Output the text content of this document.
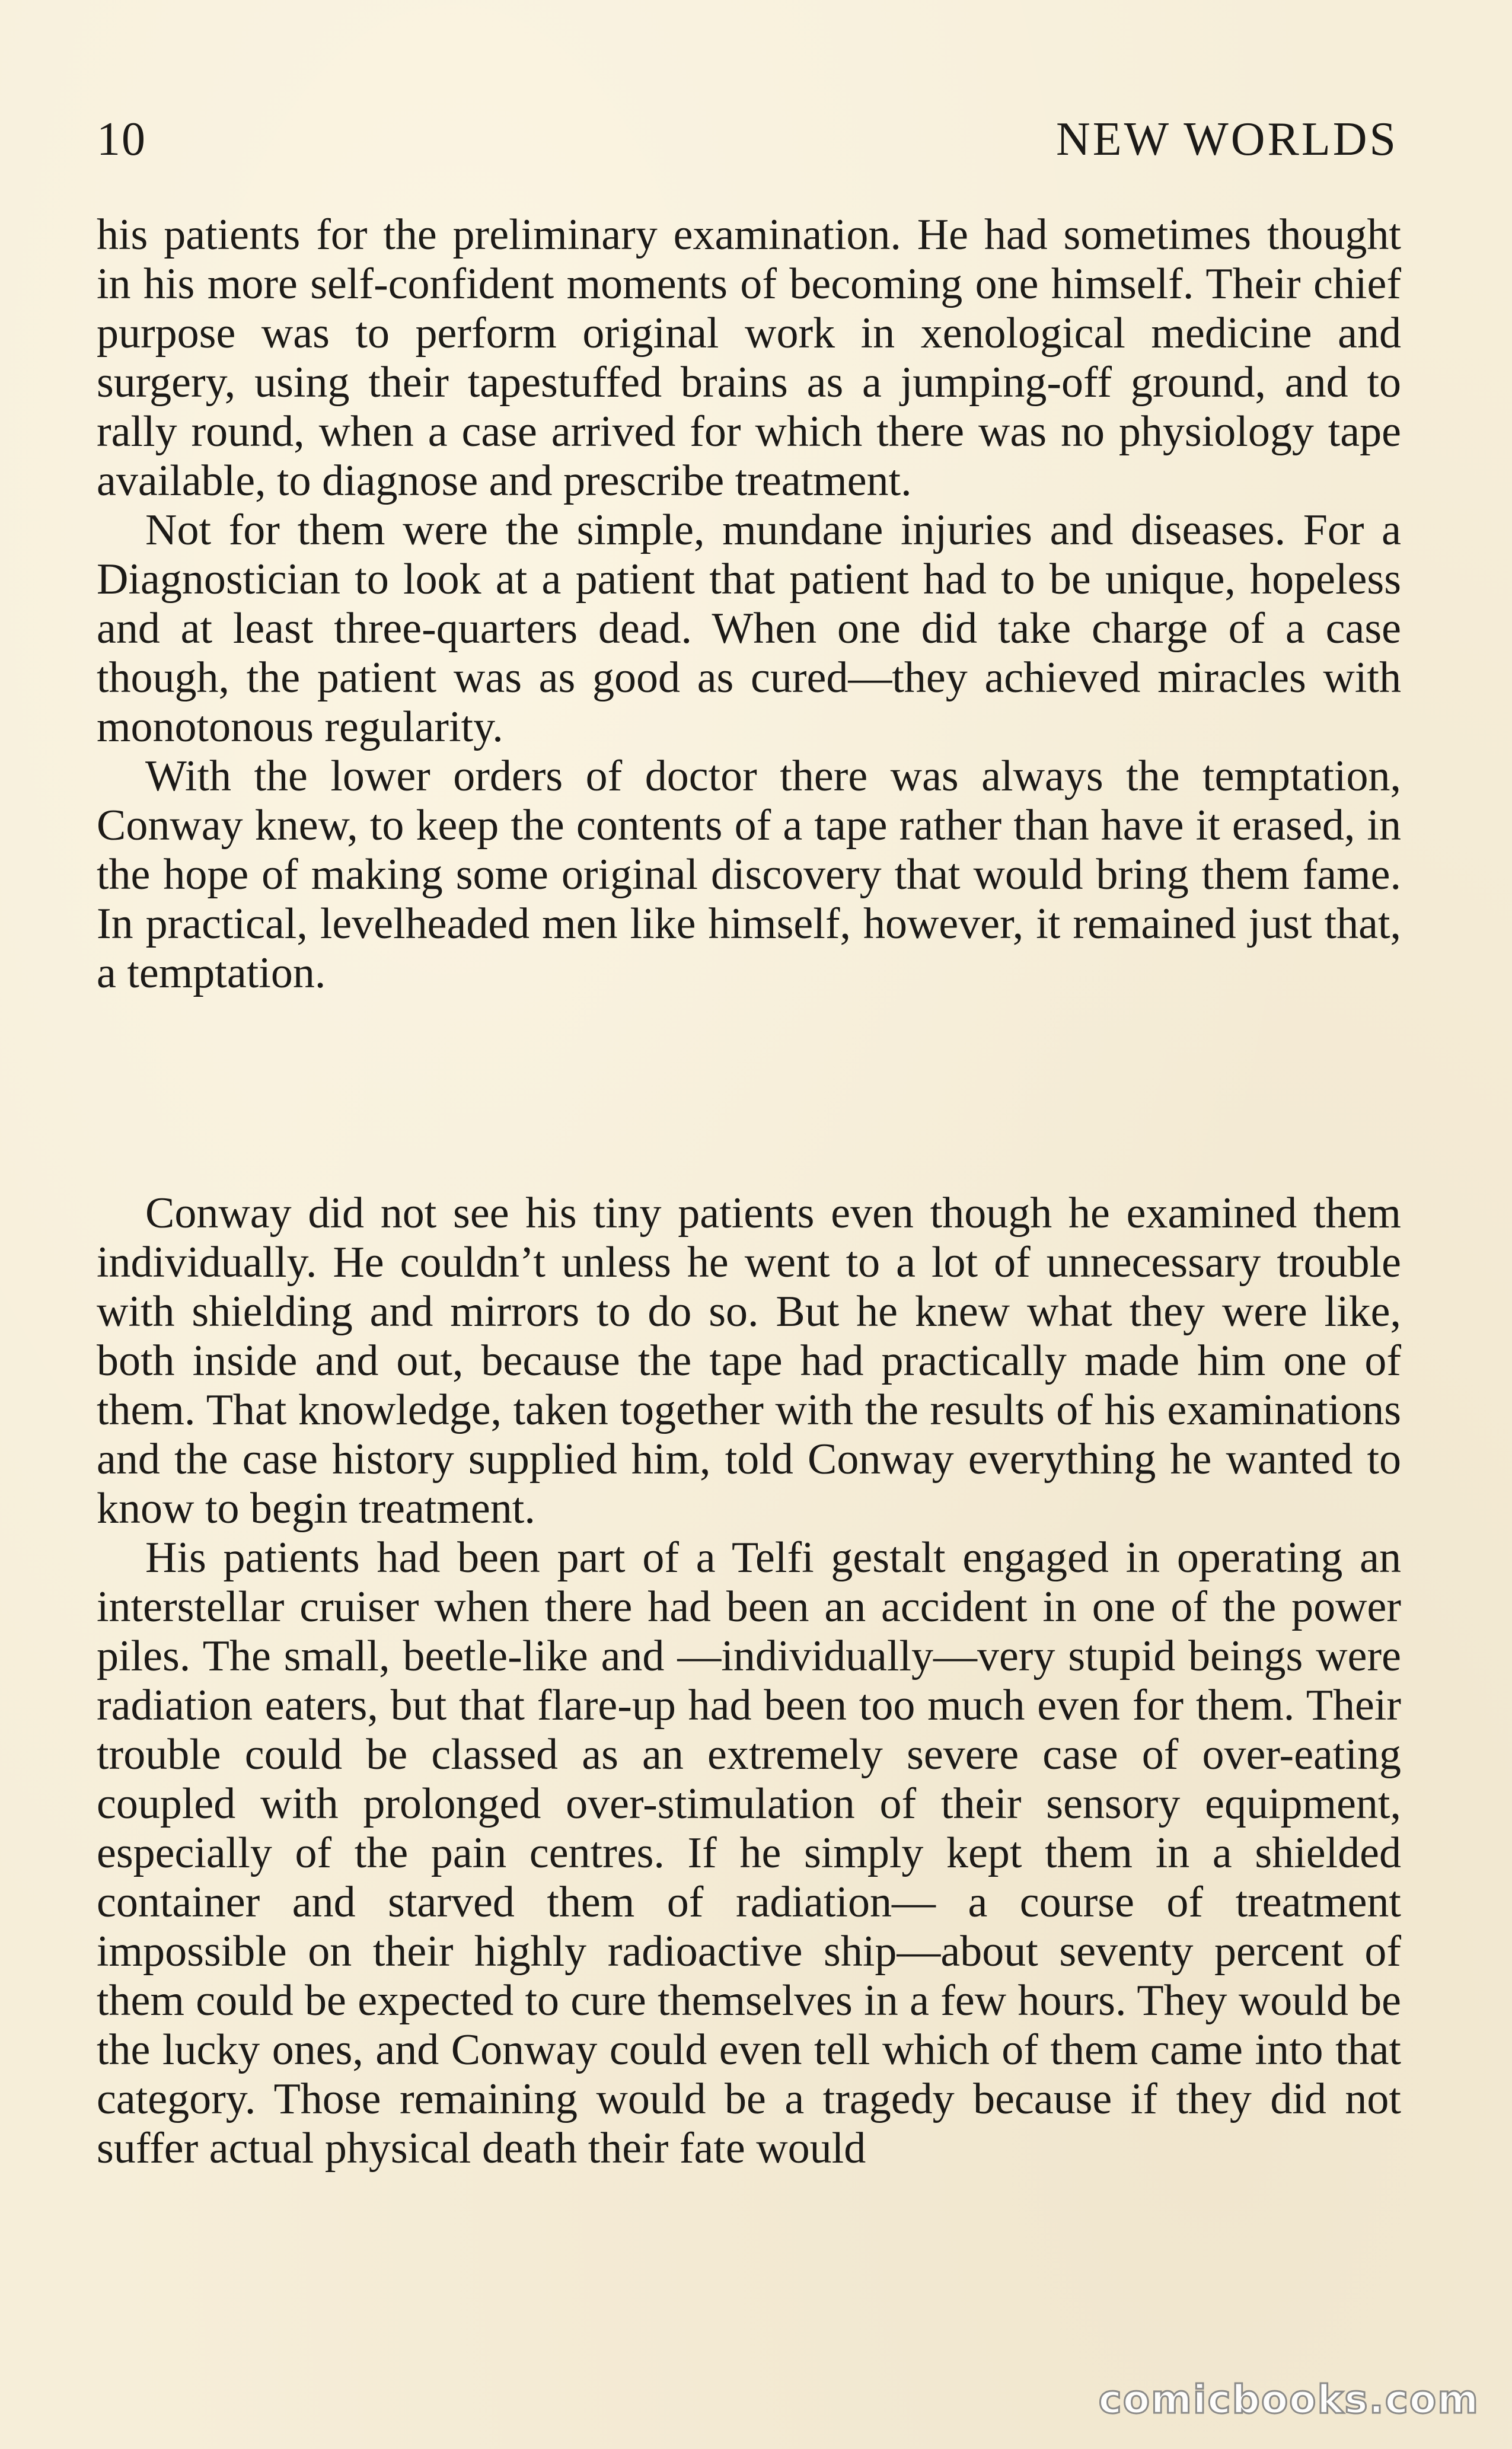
10	NEW WORLDS

his patients for the preliminary examination. He had sometimes thought in his more self-confident moments of becoming one himself. Their chief purpose was to perform original work in xenological medicine and surgery, using their tapestuffed brains as a jumping-off ground, and to rally round, when a case arrived for which there was no physiology tape available, to diagnose and prescribe treatment.

Not for them were the simple, mundane injuries and diseases. For a Diagnostician to look at a patient that patient had to be unique, hopeless and at least three-quarters dead. When one did take charge of a case though, the patient was as good as cured—they achieved miracles with monotonous regularity.

With the lower orders of doctor there was always the temptation, Conway knew, to keep the contents of a tape rather than have it erased, in the hope of making some original discovery that would bring them fame. In practical, levelheaded men like himself, however, it remained just that, a temptation.

Conway did not see his tiny patients even though he examined them individually. He couldn’t unless he went to a lot of unnecessary trouble with shielding and mirrors to do so. But he knew what they were like, both inside and out, because the tape had practically made him one of them. That knowledge, taken together with the results of his examinations and the case history supplied him, told Conway everything he wanted to know to begin treatment.

His patients had been part of a Telfi gestalt engaged in operating an interstellar cruiser when there had been an accident in one of the power piles. The small, beetle-like and —individually—very stupid beings were radiation eaters, but that flare-up had been too much even for them. Their trouble could be classed as an extremely severe case of over-eating coupled with prolonged over-stimulation of their sensory equipment, especially of the pain centres. If he simply kept them in a shielded container and starved them of radiation— a course of treatment impossible on their highly radioactive ship—about seventy percent of them could be expected to cure themselves in a few hours. They would be the lucky ones, and Conway could even tell which of them came into that category. Those remaining would be a tragedy because if they did not suffer actual physical death their fate would

comicbooks.com
